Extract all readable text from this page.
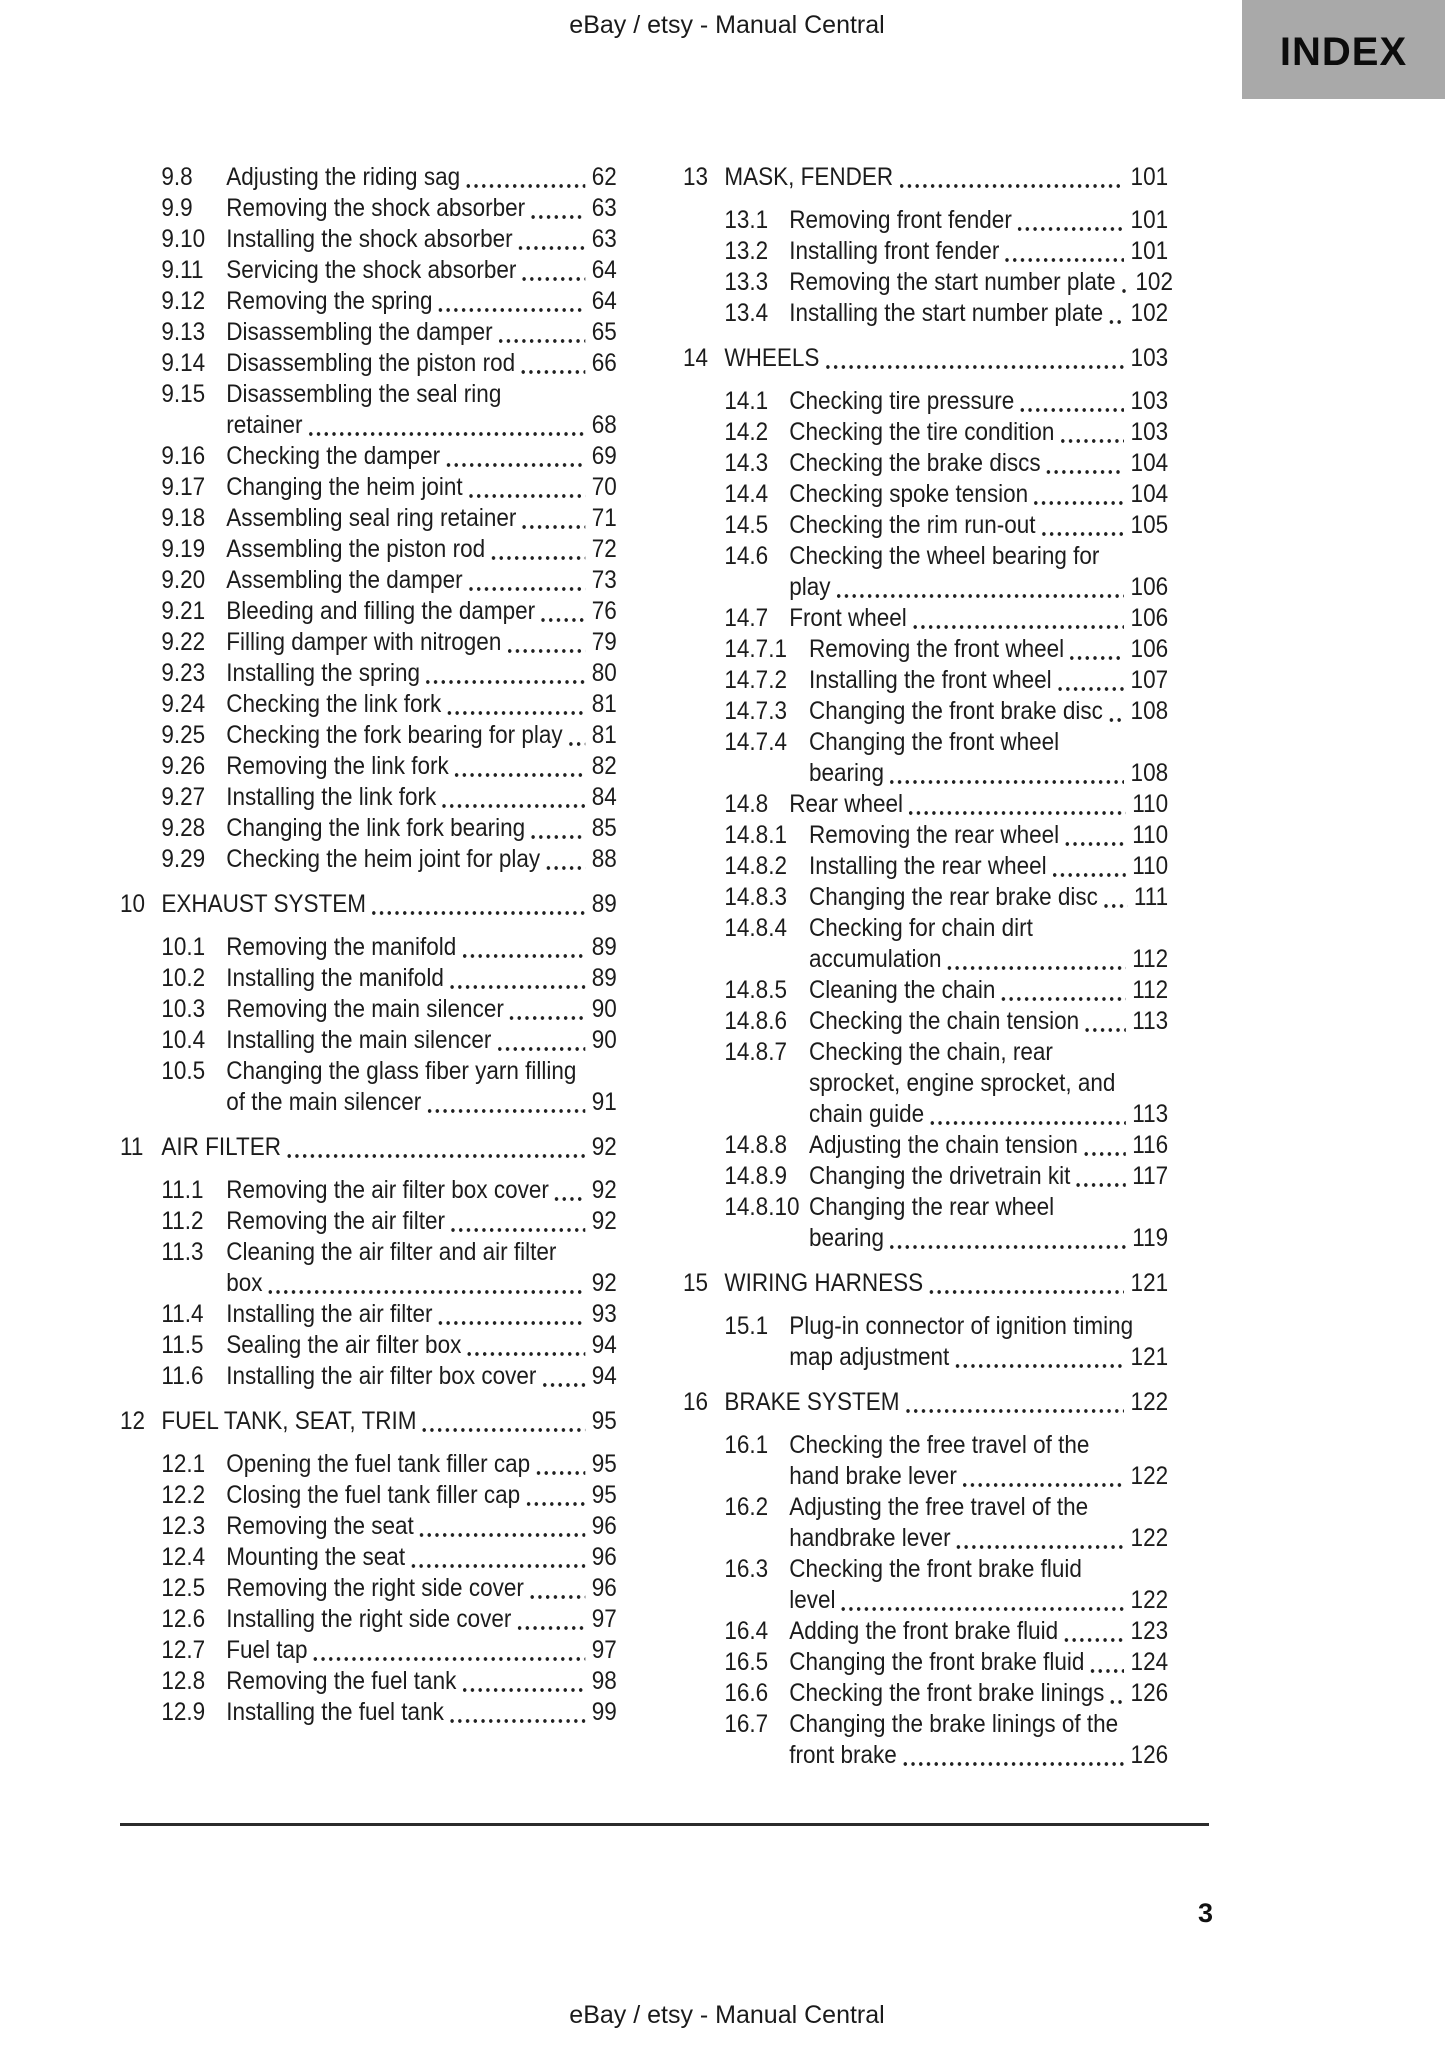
eBay / etsy - Manual Central
INDEX
9.8	Adjusting the riding sag	62
9.9	Removing the shock absorber	63
9.10 Installing the shock absorber	63
9.11 Servicing the shock absorber	64
9.12 Removing the spring	64
9.13 Disassembling the damper	65
9.14 Disassembling the piston rod	66
9.15 Disassembling the seal ring
retainer	68
9.16 Checking the damper	69
9.17 Changing the heim joint	70
9.18 Assembling seal ring retainer	71
9.19 Assembling the piston rod	72
9.20 Assembling the damper	73
9.21 Bleeding and filling the damper 76
9.22 Filling damper with nitrogen	79
9.23 Installing the spring	80
9.24 Checking the link fork	81
9.25 Checking the fork bearing for play 81
9.26 Removing the link fork	82
9.27 Installing the link fork	84
9.28 Changing the link fork bearing	85
9.29 Checking the heim joint for play 88
10 EXHAUST SYSTEM	89
10.1 Removing the manifold	89
10.2 Installing the manifold	89
10.3 Removing the main silencer	90
10.4 Installing the main silencer	90
10.5 Changing the glass fiber yarn filling
of the main silencer	91
11 AIR FILTER	92
11.1 Removing the air filter box cover 92
11.2 Removing the air filter	92
11.3 Cleaning the air filter and air filter
box	92
11.4 Installing the air filter	93
11.5 Sealing the air filter box	94
11.6 Installing the air filter box cover 94
12 FUEL TANK, SEAT, TRIM	95
12.1 Opening the fuel tank filler cap 95
12.2 Closing the fuel tank filler cap	95
12.3 Removing the seat	96
12.4 Mounting the seat	96
12.5 Removing the right side cover	96
12.6 Installing the right side cover	97
12.7 Fuel tap	97
12.8 Removing the fuel tank	98
12.9 Installing the fuel tank	99
13 MASK, FENDER	101
13.1 Removing front fender	101
13.2 Installing front fender	101
13.3 Removing the start number plate 102
13.4 Installing the start number plate 102
14 WHEELS	103
14.1 Checking tire pressure	103
14.2 Checking the tire condition	103
14.3 Checking the brake discs	104
14.4 Checking spoke tension	104
14.5 Checking the rim run-out	105
14.6 Checking the wheel bearing for
play	106
14.7 Front wheel	106
14.7.1 Removing the front wheel	106
14.7.2 Installing the front wheel	107
14.7.3 Changing the front brake disc 108
14.7.4 Changing the front wheel
bearing	108
14.8 Rear wheel	110
14.8.1 Removing the rear wheel	110
14.8.2 Installing the rear wheel	110
14.8.3 Changing the rear brake disc 111
14.8.4 Checking for chain dirt
accumulation	112
14.8.5 Cleaning the chain	112
14.8.6 Checking the chain tension 113
14.8.7 Checking the chain, rear
sprocket, engine sprocket, and
chain guide	113
14.8.8 Adjusting the chain tension 116
14.8.9 Changing the drivetrain kit 117
14.8.10 Changing the rear wheel
bearing	119
15 WIRING HARNESS	121
15.1 Plug-in connector of ignition timing
map adjustment	121
16 BRAKE SYSTEM	122
16.1 Checking the free travel of the
hand brake lever	122
16.2 Adjusting the free travel of the
handbrake lever	122
16.3 Checking the front brake fluid
level	122
16.4 Adding the front brake fluid	123
16.5 Changing the front brake fluid 124
16.6 Checking the front brake linings 126
16.7 Changing the brake linings of the
front brake	126
3
eBay / etsy - Manual Central
